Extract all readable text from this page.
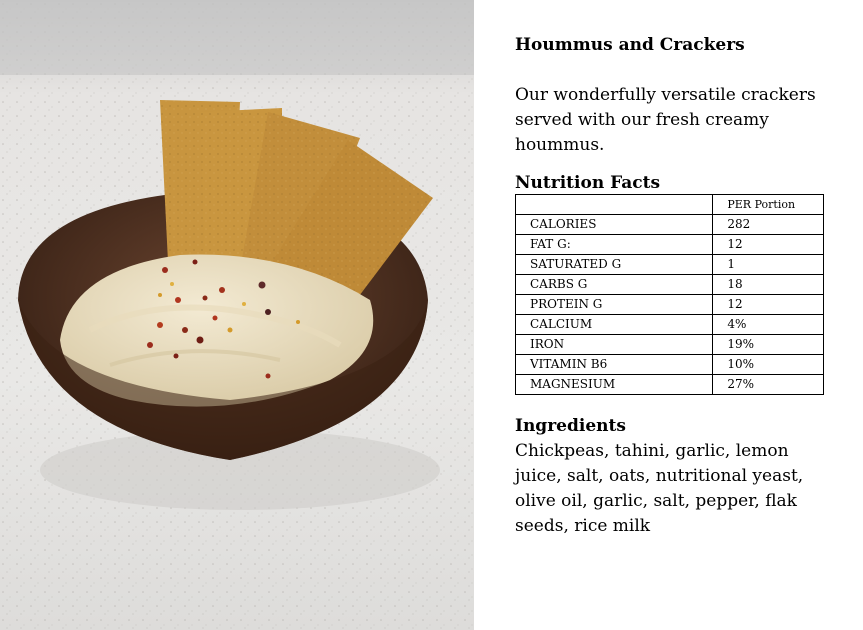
Hoummus and Crackers
Our wonderfully versatile crackers served with our fresh creamy hoummus.
Nutrition Facts
	PER Portion
CALORIES	282
FAT G:	12
SATURATED G	1
CARBS G	18
PROTEIN G	12
CALCIUM	4%
IRON	19%
VITAMIN B6	10%
MAGNESIUM	27%
Ingredients
Chickpeas, tahini, garlic, lemon juice, salt, oats, nutritional yeast, olive oil, garlic, salt, pepper, flak seeds, rice milk
